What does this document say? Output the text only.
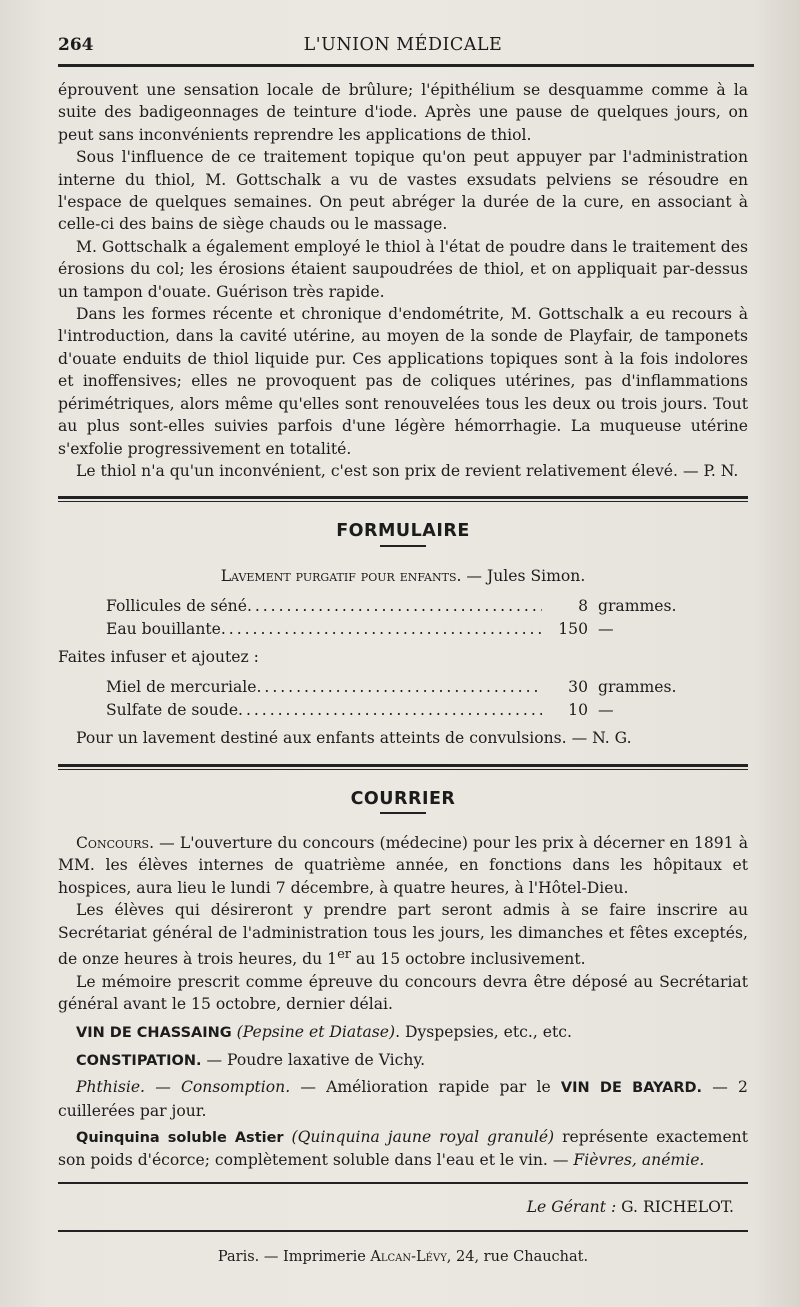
264	L'UNION MÉDICALE

éprouvent une sensation locale de brûlure; l'épithélium se desquamme comme à la suite des badigeonnages de teinture d'iode. Après une pause de quelques jours, on peut sans inconvénients reprendre les applications de thiol.

Sous l'influence de ce traitement topique qu'on peut appuyer par l'administration interne du thiol, M. Gottschalk a vu de vastes exsudats pelviens se résoudre en l'espace de quelques semaines. On peut abréger la durée de la cure, en associant à celle-ci des bains de siège chauds ou le massage.

M. Gottschalk a également employé le thiol à l'état de poudre dans le traitement des érosions du col; les érosions étaient saupoudrées de thiol, et on appliquait par-dessus un tampon d'ouate. Guérison très rapide.

Dans les formes récente et chronique d'endométrite, M. Gottschalk a eu recours à l'introduction, dans la cavité utérine, au moyen de la sonde de Playfair, de tamponets d'ouate enduits de thiol liquide pur. Ces applications topiques sont à la fois indolores et inoffensives; elles ne provoquent pas de coliques utérines, pas d'inflammations périmétriques, alors même qu'elles sont renouvelées tous les deux ou trois jours. Tout au plus sont-elles suivies parfois d'une légère hémorrhagie. La muqueuse utérine s'exfolie progressivement en totalité.

Le thiol n'a qu'un inconvénient, c'est son prix de revient relativement élevé. — P. N.

FORMULAIRE
Lavement purgatif pour enfants. — Jules Simon.
Follicules de séné . . .	8 grammes.
Eau bouillante . . .	150 —

Faites infuser et ajoutez :

Miel de mercuriale . . .	30 grammes.
Sulfate de soude . . .	10 —

Pour un lavement destiné aux enfants atteints de convulsions. — N. G.

COURRIER

Concours. — L'ouverture du concours (médecine) pour les prix à décerner en 1891 à MM. les élèves internes de quatrième année, en fonctions dans les hôpitaux et hospices, aura lieu le lundi 7 décembre, à quatre heures, à l'Hôtel-Dieu.

Les élèves qui désireront y prendre part seront admis à se faire inscrire au Secrétariat général de l'administration tous les jours, les dimanches et fêtes exceptés, de onze heures à trois heures, du 1er au 15 octobre inclusivement.

Le mémoire prescrit comme épreuve du concours devra être déposé au Secrétariat général avant le 15 octobre, dernier délai.

VIN DE CHASSAING (Pepsine et Diatase). Dyspepsies, etc., etc.

CONSTIPATION. — Poudre laxative de Vichy.

Phthisie. — Consomption. — Amélioration rapide par le VIN DE BAYARD. — 2 cuillerées par jour.

Quinquina soluble Astier (Quinquina jaune royal granulé) représente exactement son poids d'écorce; complètement soluble dans l'eau et le vin. — Fièvres, anémie.

Le Gérant : G. RICHELOT.
Paris. — Imprimerie Alcan-Lévy, 24, rue Chauchat.
